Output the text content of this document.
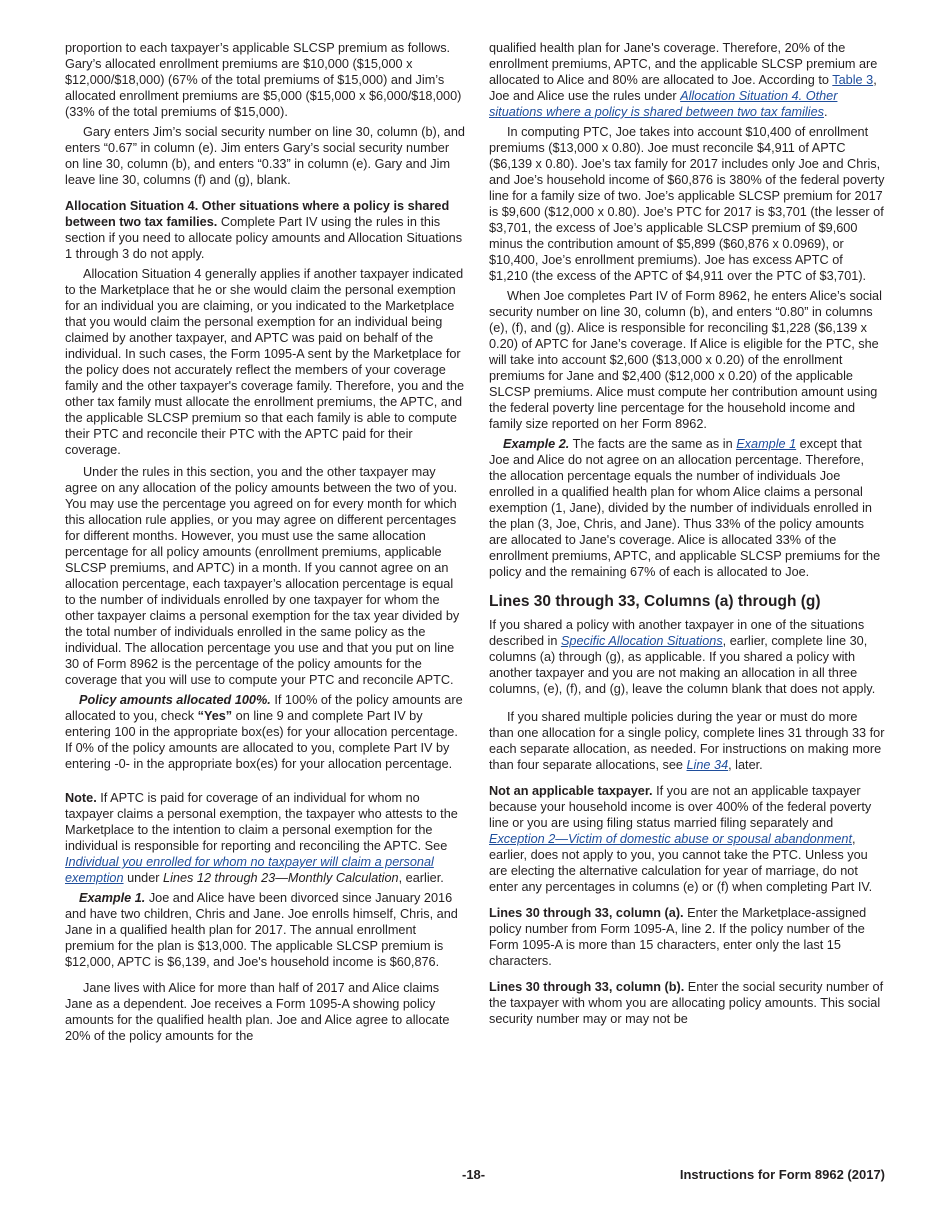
proportion to each taxpayer’s applicable SLCSP premium as follows. Gary’s allocated enrollment premiums are $10,000 ($15,000 x $12,000/$18,000) (67% of the total premiums of $15,000) and Jim’s allocated enrollment premiums are $5,000 ($15,000 x $6,000/$18,000) (33% of the total premiums of $15,000).

Gary enters Jim’s social security number on line 30, column (b), and enters “0.67” in column (e). Jim enters Gary’s social security number on line 30, column (b), and enters “0.33” in column (e). Gary and Jim leave line 30, columns (f) and (g), blank.

Allocation Situation 4. Other situations where a policy is shared between two tax families. Complete Part IV using the rules in this section if you need to allocate policy amounts and Allocation Situations 1 through 3 do not apply.

Allocation Situation 4 generally applies if another taxpayer indicated to the Marketplace that he or she would claim the personal exemption for an individual you are claiming, or you indicated to the Marketplace that you would claim the personal exemption for an individual being claimed by another taxpayer, and APTC was paid on behalf of the individual. In such cases, the Form 1095-A sent by the Marketplace for the policy does not accurately reflect the members of your coverage family and the other taxpayer's coverage family. Therefore, you and the other tax family must allocate the enrollment premiums, the APTC, and the applicable SLCSP premium so that each family is able to compute their PTC and reconcile their PTC with the APTC paid for their coverage.

Under the rules in this section, you and the other taxpayer may agree on any allocation of the policy amounts between the two of you. You may use the percentage you agreed on for every month for which this allocation rule applies, or you may agree on different percentages for different months. However, you must use the same allocation percentage for all policy amounts (enrollment premiums, applicable SLCSP premiums, and APTC) in a month. If you cannot agree on an allocation percentage, each taxpayer’s allocation percentage is equal to the number of individuals enrolled by one taxpayer for whom the other taxpayer claims a personal exemption for the tax year divided by the total number of individuals enrolled in the same policy as the individual. The allocation percentage you use and that you put on line 30 of Form 8962 is the percentage of the policy amounts for the coverage that you will use to compute your PTC and reconcile APTC.

Policy amounts allocated 100%. If 100% of the policy amounts are allocated to you, check “Yes” on line 9 and complete Part IV by entering 100 in the appropriate box(es) for your allocation percentage. If 0% of the policy amounts are allocated to you, complete Part IV by entering -0- in the appropriate box(es) for your allocation percentage.

Note. If APTC is paid for coverage of an individual for whom no taxpayer claims a personal exemption, the taxpayer who attests to the Marketplace to the intention to claim a personal exemption for the individual is responsible for reporting and reconciling the APTC. See Individual you enrolled for whom no taxpayer will claim a personal exemption under Lines 12 through 23—Monthly Calculation, earlier.

Example 1. Joe and Alice have been divorced since January 2016 and have two children, Chris and Jane. Joe enrolls himself, Chris, and Jane in a qualified health plan for 2017. The annual enrollment premium for the plan is $13,000. The applicable SLCSP premium is $12,000, APTC is $6,139, and Joe's household income is $60,876.

Jane lives with Alice for more than half of 2017 and Alice claims Jane as a dependent. Joe receives a Form 1095-A showing policy amounts for the qualified health plan. Joe and Alice agree to allocate 20% of the policy amounts for the

qualified health plan for Jane's coverage. Therefore, 20% of the enrollment premiums, APTC, and the applicable SLCSP premium are allocated to Alice and 80% are allocated to Joe. According to Table 3, Joe and Alice use the rules under Allocation Situation 4. Other situations where a policy is shared between two tax families.

In computing PTC, Joe takes into account $10,400 of enrollment premiums ($13,000 x 0.80). Joe must reconcile $4,911 of APTC ($6,139 x 0.80). Joe’s tax family for 2017 includes only Joe and Chris, and Joe’s household income of $60,876 is 380% of the federal poverty line for a family size of two. Joe’s applicable SLCSP premium for 2017 is $9,600 ($12,000 x 0.80). Joe’s PTC for 2017 is $3,701 (the lesser of $3,701, the excess of Joe’s applicable SLCSP premium of $9,600 minus the contribution amount of $5,899 ($60,876 x 0.0969), or $10,400, Joe’s enrollment premiums). Joe has excess APTC of $1,210 (the excess of the APTC of $4,911 over the PTC of $3,701).

When Joe completes Part IV of Form 8962, he enters Alice’s social security number on line 30, column (b), and enters “0.80” in columns (e), (f), and (g). Alice is responsible for reconciling $1,228 ($6,139 x 0.20) of APTC for Jane’s coverage. If Alice is eligible for the PTC, she will take into account $2,600 ($13,000 x 0.20) of the enrollment premiums for Jane and $2,400 ($12,000 x 0.20) of the applicable SLCSP premiums. Alice must compute her contribution amount using the federal poverty line percentage for the household income and family size reported on her Form 8962.

Example 2. The facts are the same as in Example 1 except that Joe and Alice do not agree on an allocation percentage. Therefore, the allocation percentage equals the number of individuals Joe enrolled in a qualified health plan for whom Alice claims a personal exemption (1, Jane), divided by the number of individuals enrolled in the plan (3, Joe, Chris, and Jane). Thus 33% of the policy amounts are allocated to Jane's coverage. Alice is allocated 33% of the enrollment premiums, APTC, and applicable SLCSP premiums for the policy and the remaining 67% of each is allocated to Joe.

Lines 30 through 33, Columns (a) through (g)

If you shared a policy with another taxpayer in one of the situations described in Specific Allocation Situations, earlier, complete line 30, columns (a) through (g), as applicable. If you shared a policy with another taxpayer and you are not making an allocation in all three columns, (e), (f), and (g), leave the column blank that does not apply.

If you shared multiple policies during the year or must do more than one allocation for a single policy, complete lines 31 through 33 for each separate allocation, as needed. For instructions on making more than four separate allocations, see Line 34, later.

Not an applicable taxpayer. If you are not an applicable taxpayer because your household income is over 400% of the federal poverty line or you are using filing status married filing separately and Exception 2—Victim of domestic abuse or spousal abandonment, earlier, does not apply to you, you cannot take the PTC. Unless you are electing the alternative calculation for year of marriage, do not enter any percentages in columns (e) or (f) when completing Part IV.

Lines 30 through 33, column (a). Enter the Marketplace-assigned policy number from Form 1095-A, line 2. If the policy number of the Form 1095-A is more than 15 characters, enter only the last 15 characters.

Lines 30 through 33, column (b). Enter the social security number of the taxpayer with whom you are allocating policy amounts. This social security number may or may not be

-18-	Instructions for Form 8962 (2017)
